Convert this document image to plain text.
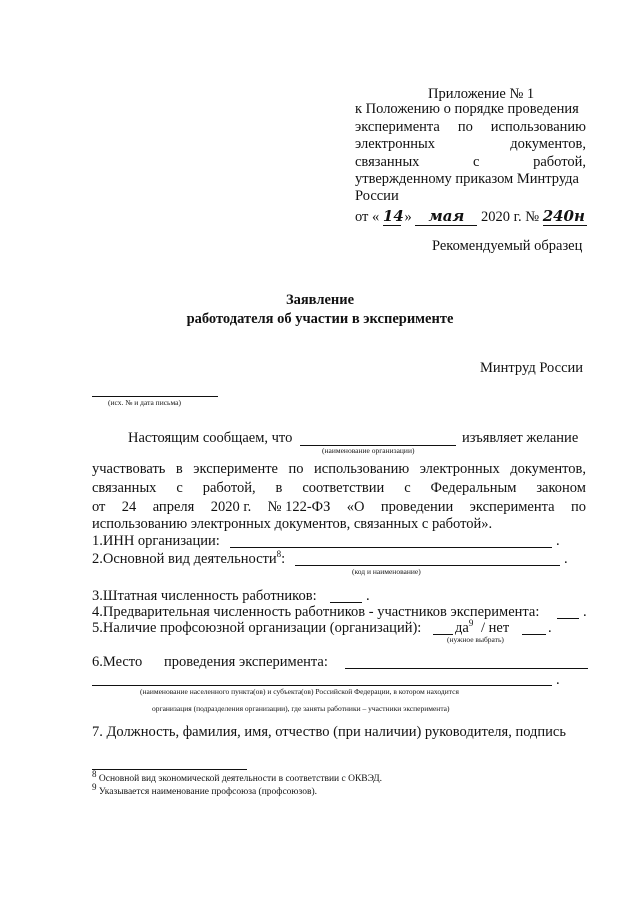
Приложение № 1
к Положению о порядке проведения
эксперимента по использованию
электронных	документов,
связанных	с	работой,
утвержденному приказом Минтруда
России
от « 14 » мая 2020 г. № 240н
Рекомендуемый образец
Заявление
работодателя об участии в эксперименте
Минтруд России
(исх. № и дата письма)
Настоящим сообщаем, что	изъявляет желание
(наименование организации)
участвовать в эксперименте по использованию электронных документов,
связанных с работой, в соответствии с Федеральным законом
от 24 апреля 2020 г. № 122-ФЗ «О проведении эксперимента по
использованию электронных документов, связанных с работой».
1.ИНН организации:	.
2.Основной вид деятельности$^8$:	.
(код и наименование)
3.Штатная численность работников:	.
4.Предварительная численность работников - участников эксперимента:	.
5.Наличие профсоюзной организации (организаций): $да^9$ / нет	.
(нужное выбрать)
6.Место проведения эксперимента:
.
(наименование населенного пункта(ов) и субъекта(ов) Российской Федерации, в котором находится
организация (подразделения организации), где заняты работники – участники эксперимента)
7. Должность, фамилия, имя, отчество (при наличии) руководителя, подпись
$^8$ Основной вид экономической деятельности в соответствии с ОКВЭД.
$^9$ Указывается наименование профсоюза (профсоюзов).
